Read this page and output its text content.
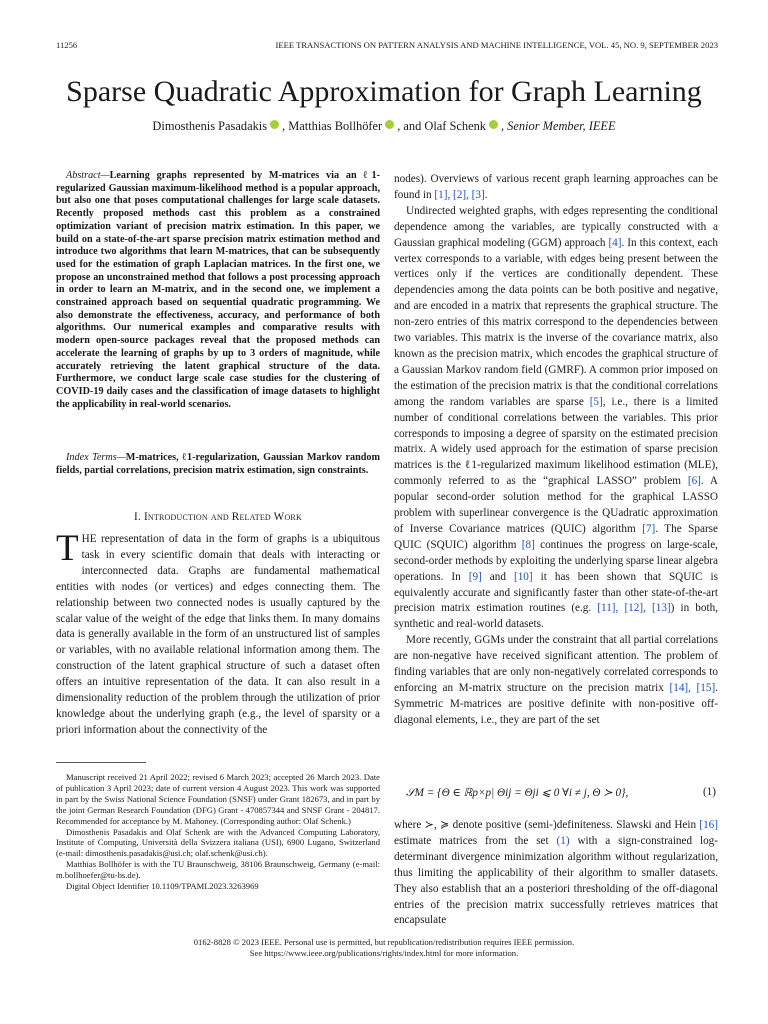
11256	IEEE TRANSACTIONS ON PATTERN ANALYSIS AND MACHINE INTELLIGENCE, VOL. 45, NO. 9, SEPTEMBER 2023
Sparse Quadratic Approximation for Graph Learning
Dimosthenis Pasadakis , Matthias Bollhöfer , and Olaf Schenk , Senior Member, IEEE

Abstract—Learning graphs represented by M-matrices via an ℓ1-regularized Gaussian maximum-likelihood method is a popular approach, but also one that poses computational challenges for large scale datasets. Recently proposed methods cast this problem as a constrained optimization variant of precision matrix estimation. In this paper, we build on a state-of-the-art sparse precision matrix estimation method and introduce two algorithms that learn M-matrices, that can be subsequently used for the estimation of graph Laplacian matrices. In the first one, we propose an unconstrained method that follows a post processing approach in order to learn an M-matrix, and in the second one, we implement a constrained approach based on sequential quadratic programming. We also demonstrate the effectiveness, accuracy, and performance of both algorithms. Our numerical examples and comparative results with modern open-source packages reveal that the proposed methods can accelerate the learning of graphs by up to 3 orders of magnitude, while accurately retrieving the latent graphical structure of the data. Furthermore, we conduct large scale case studies for the clustering of COVID-19 daily cases and the classification of image datasets to highlight the applicability in real-world scenarios.

Index Terms—M-matrices, ℓ1-regularization, Gaussian Markov random fields, partial correlations, precision matrix estimation, sign constraints.

I. Introduction and Related Work

THE representation of data in the form of graphs is a ubiquitous task in every scientific domain that deals with interacting or interconnected data. Graphs are fundamental mathematical entities with nodes (or vertices) and edges connecting them. The relationship between two connected nodes is usually captured by the scalar value of the weight of the edge that links them. In many domains data is generally available in the form of an unstructured list of samples or variables, with no available relational information among them. The construction of the latent graphical structure of such a dataset often offers an intuitive representation of the data. It can also result in a dimensionality reduction of the problem through the utilization of prior knowledge about the underlying graph (e.g., the level of sparsity or a priori information about the connectivity of the

Manuscript received 21 April 2022; revised 6 March 2023; accepted 26 March 2023. Date of publication 3 April 2023; date of current version 4 August 2023. This work was supported in part by the Swiss National Science Foundation (SNSF) under Grant 182673, and in part by the joint German Research Foundation (DFG) Grant - 470857344 and SNSF Grant - 204817. Recommended for acceptance by M. Mahoney. (Corresponding author: Olaf Schenk.)

Dimosthenis Pasadakis and Olaf Schenk are with the Advanced Computing Laboratory, Institute of Computing, Università della Svizzera italiana (USI), 6900 Lugano, Switzerland (e-mail: dimosthenis.pasadakis@usi.ch; olaf.schenk@usi.ch).

Matthias Bollhöfer is with the TU Braunschweig, 38106 Braunschweig, Germany (e-mail: m.bollhoefer@tu-bs.de).

Digital Object Identifier 10.1109/TPAMI.2023.3263969

nodes). Overviews of various recent graph learning approaches can be found in [1], [2], [3].

Undirected weighted graphs, with edges representing the conditional dependence among the variables, are typically constructed with a Gaussian graphical modeling (GGM) approach [4]. In this context, each vertex corresponds to a variable, with edges being present between the vertices only if the vertices are conditionally dependent. These dependencies among the data points can be both positive and negative, and are encoded in a matrix that represents the graphical structure. The non-zero entries of this matrix correspond to the dependencies between two variables. This matrix is the inverse of the covariance matrix, also known as the precision matrix, which encodes the graphical structure of a Gaussian Markov random field (GMRF). A common prior imposed on the estimation of the precision matrix is that the conditional correlations among the random variables are sparse [5], i.e., there is a limited number of conditional correlations between the variables. This prior corresponds to imposing a degree of sparsity on the estimated precision matrix. A widely used approach for the estimation of sparse precision matrices is the ℓ1-regularized maximum likelihood estimation (MLE), commonly referred to as the “graphical LASSO” problem [6]. A popular second-order solution method for the graphical LASSO problem with superlinear convergence is the QUadratic approximation of Inverse Covariance matrices (QUIC) algorithm [7]. The Sparse QUIC (SQUIC) algorithm [8] continues the progress on large-scale, second-order methods by exploiting the underlying sparse linear algebra operations. In [9] and [10] it has been shown that SQUIC is equivalently accurate and significantly faster than other state-of-the-art precision matrix estimation routines (e.g. [11], [12], [13]) in both, synthetic and real-world datasets.

More recently, GGMs under the constraint that all partial correlations are non-negative have received significant attention. The problem of finding variables that are only non-negatively correlated corresponds to enforcing an M-matrix structure on the precision matrix [14], [15]. Symmetric M-matrices are positive definite with non-positive off-diagonal elements, i.e., they are part of the set

𝒮M = {Θ ∈ ℝp×p| Θij = Θji ⩽ 0 ∀i ≠ j, Θ ≻ 0},	(1)

where ≻, ≽ denote positive (semi-)definiteness. Slawski and Hein [16] estimate matrices from the set (1) with a sign-constrained log-determinant divergence minimization algorithm without regularization, thus limiting the applicability of their algorithm to smaller datasets. They also establish that an a posteriori thresholding of the off-diagonal entries of the precision matrix successfully retrieves matrices that encapsulate

0162-8828 © 2023 IEEE. Personal use is permitted, but republication/redistribution requires IEEE permission.
See https://www.ieee.org/publications/rights/index.html for more information.
